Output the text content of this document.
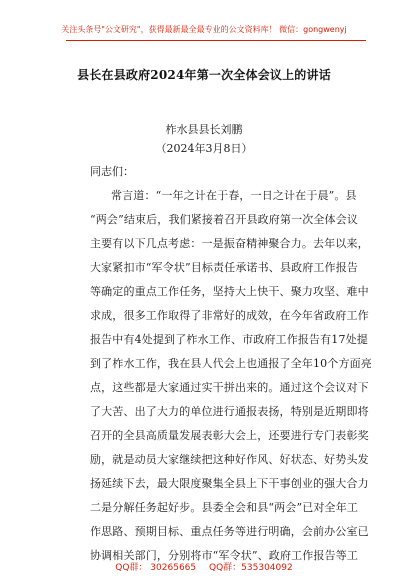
关注头条号"公文研究"，获得最新最全最专业的公文资料库！ 微信：gongwenyj
县长在县政府2024年第一次全体会议上的讲话
柞水县县长刘鹏
（2024年3月8日）
同志们：
常言道：“一年之计在于春，一日之计在于晨”。县
“两会”结束后，我们紧接着召开县政府第一次全体会议
主要有以下几点考虑：一是振奋精神聚合力。去年以来，
大家紧扣市“军令状”目标责任承诺书、县政府工作报告
等确定的重点工作任务，坚持大上快干、聚力攻坚、难中
求成，很多工作取得了非常好的成效，在今年省政府工作
报告中有4处提到了柞水工作、市政府工作报告有17处提
到了柞水工作，我在县人代会上也通报了全年10个方面亮
点，这些都是大家通过实干拼出来的。通过这个会议对下
了大苦、出了大力的单位进行通报表扬，特别是近期即将
召开的全县高质量发展表彰大会上，还要进行专门表彰奖
励，就是动员大家继续把这种好作风、好状态、好势头发
扬延续下去，最大限度聚集全县上下干事创业的强大合力
二是分解任务起好步。县委全会和县“两会”已对全年工
作思路、预期目标、重点任务等进行明确，会前办公室已
协调相关部门，分别将市“军令状”、政府工作报告等工
QQ群： 30265665 QQ群：535304092
